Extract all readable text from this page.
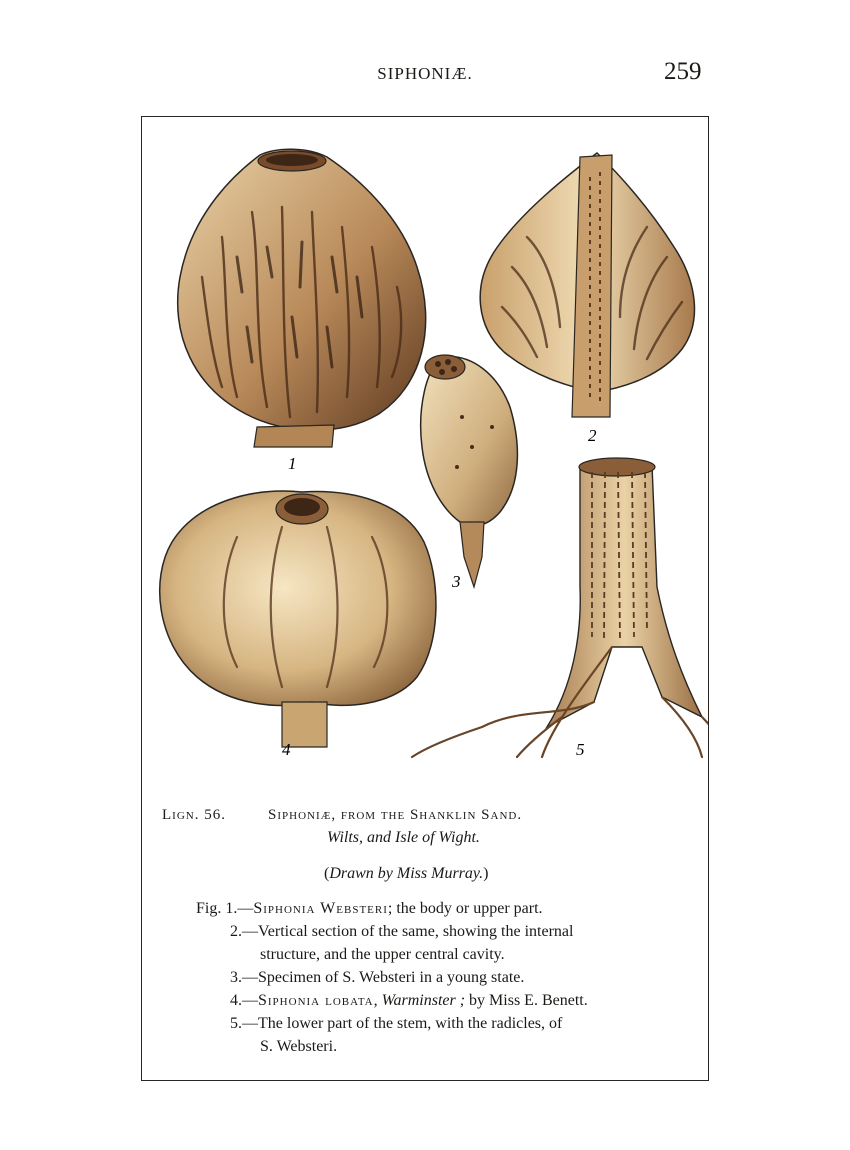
SIPHONIÆ.	259
1
2
3
4	5
Lign. 56.	Siphoniæ, from the Shanklin Sand.
Wilts, and Isle of Wight.
(Drawn by Miss Murray.)
Fig. 1.—Siphonia Websteri; the body or upper part.
2.—Vertical section of the same, showing the internal
structure, and the upper central cavity.
3.—Specimen of S. Websteri in a young state.
4.—Siphonia lobata, Warminster ; by Miss E. Benett.
5.—The lower part of the stem, with the radicles, of
S. Websteri.
